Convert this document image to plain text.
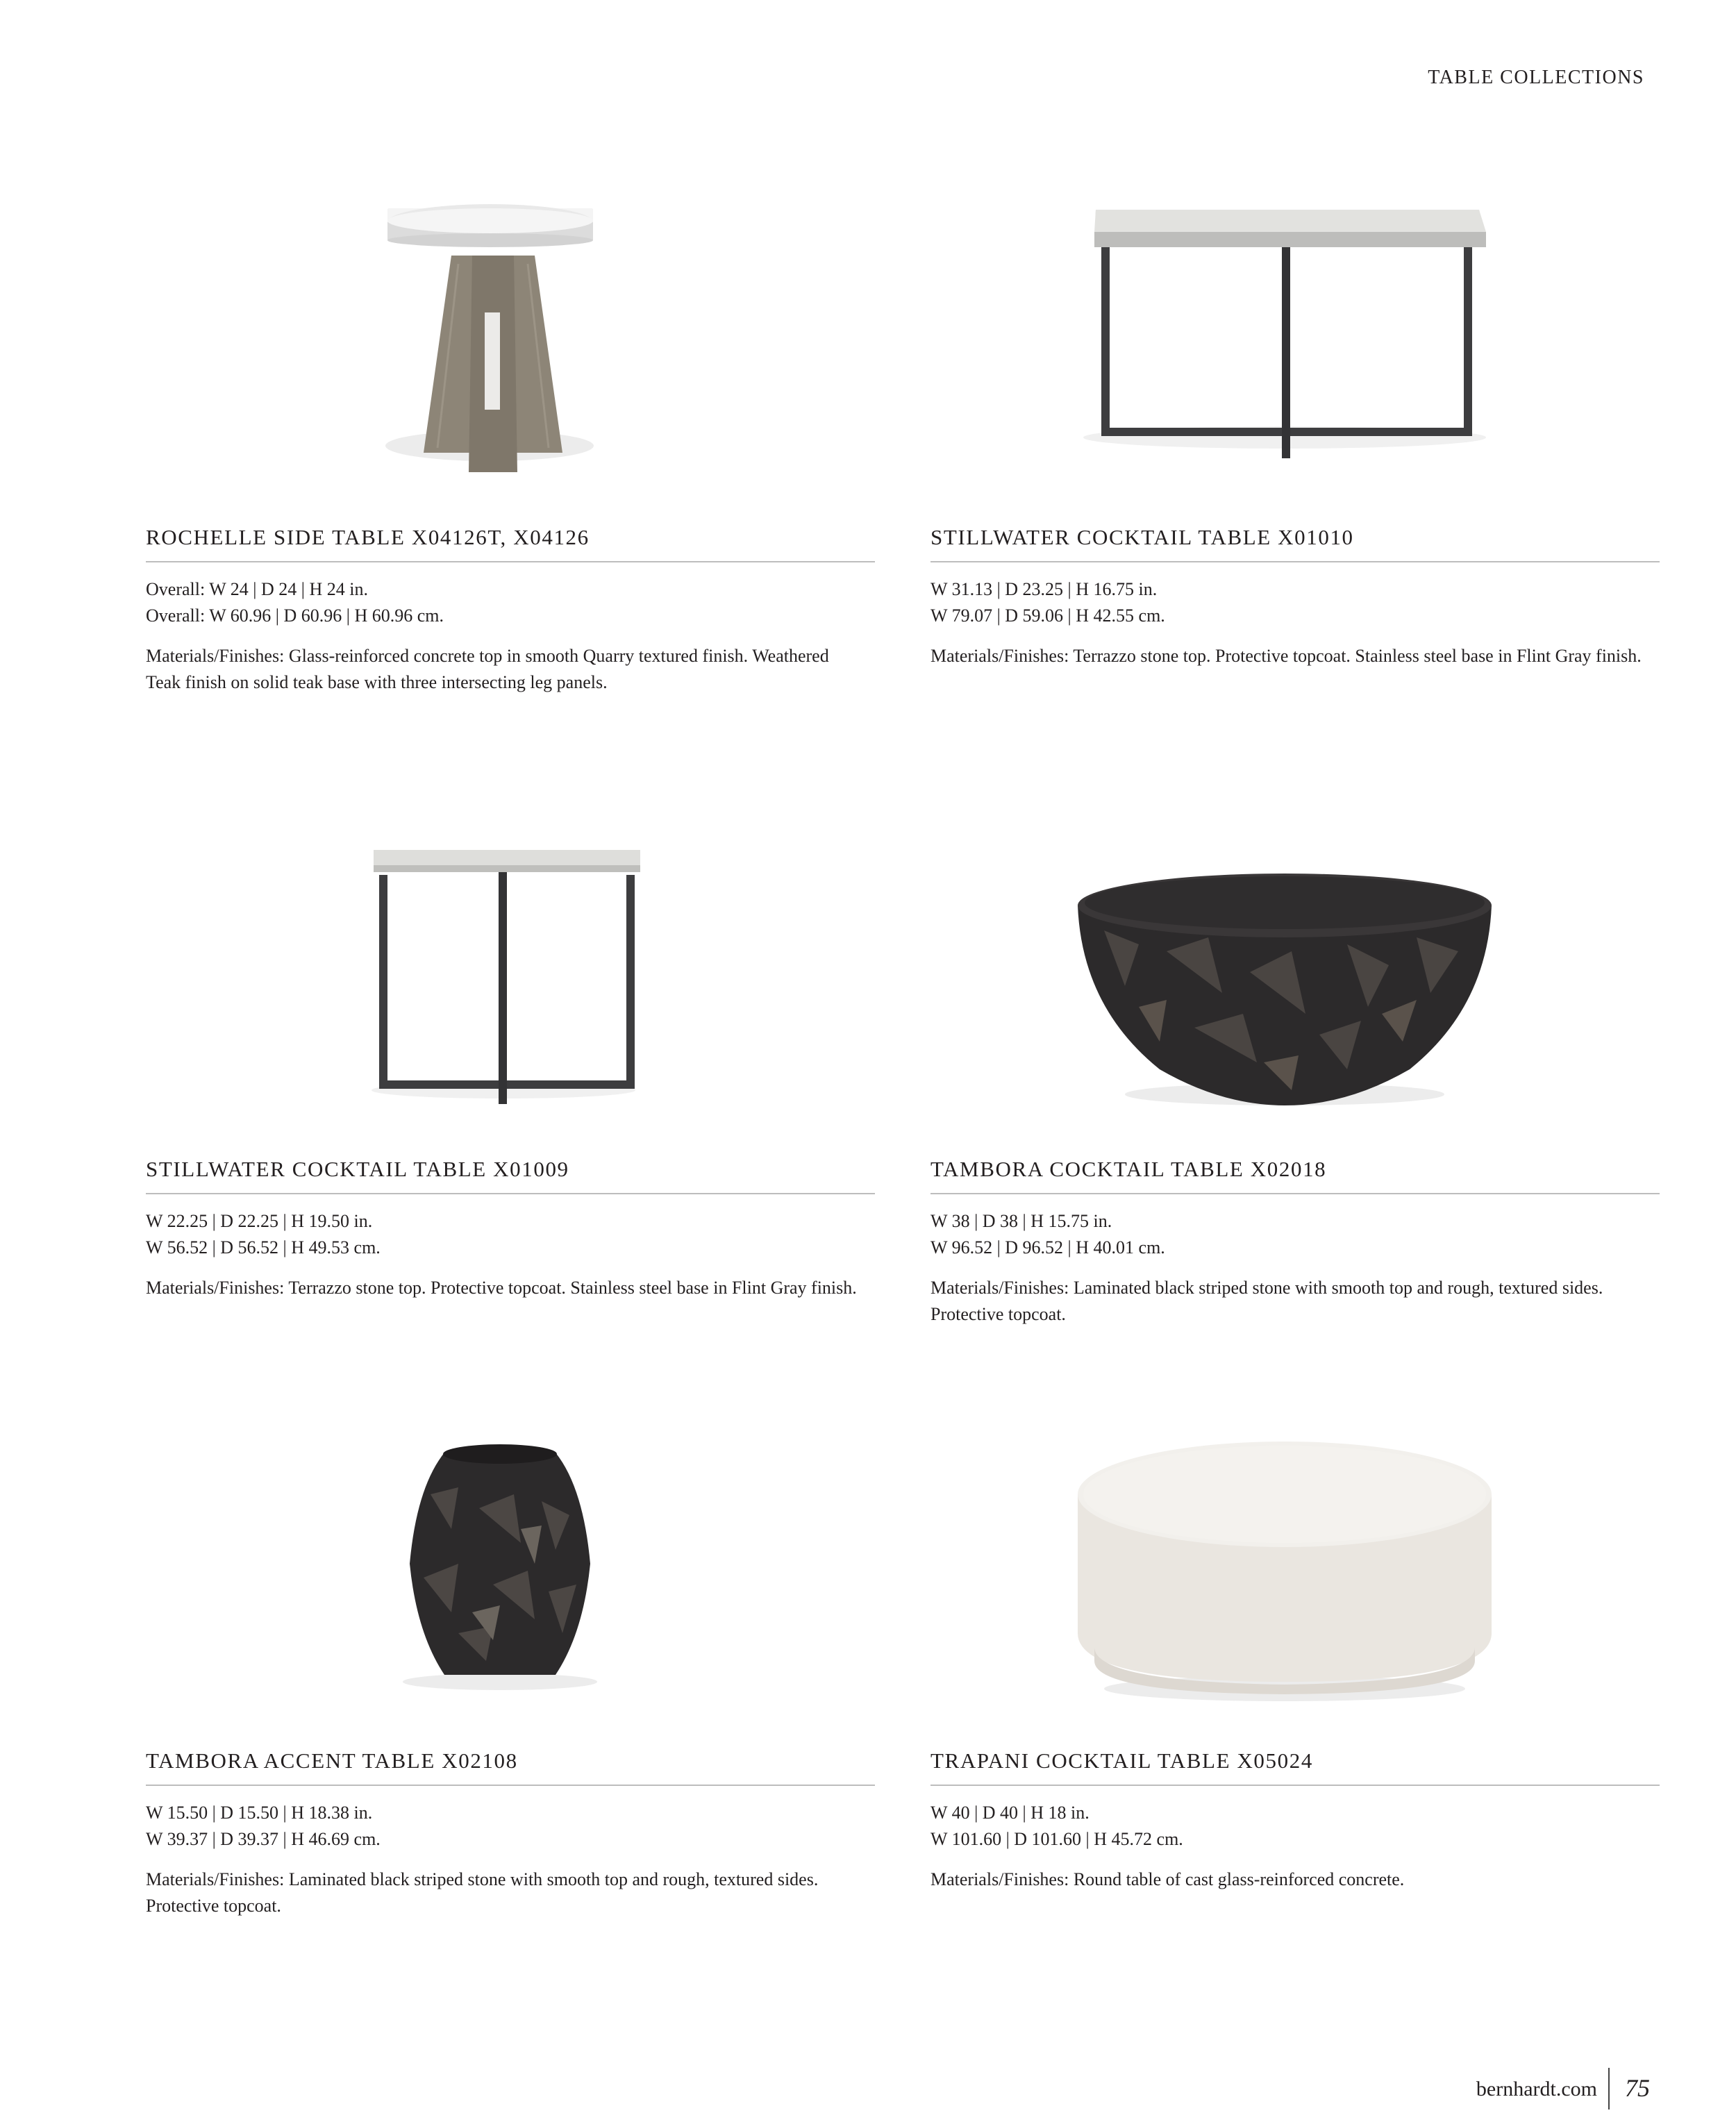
TABLE COLLECTIONS
ROCHELLE SIDE TABLE X04126T, X04126
Overall: W 24 | D 24 | H 24 in.
Overall: W 60.96 | D 60.96 | H 60.96 cm.
Materials/Finishes: Glass-reinforced concrete top in smooth Quarry textured finish. Weathered Teak finish on solid teak base with three intersecting leg panels.
STILLWATER COCKTAIL TABLE X01010
W 31.13 | D 23.25 | H 16.75 in.
W 79.07 | D 59.06 | H 42.55 cm.
Materials/Finishes: Terrazzo stone top. Protective topcoat. Stainless steel base in Flint Gray finish.
STILLWATER COCKTAIL TABLE X01009
W 22.25 | D 22.25 | H 19.50 in.
W 56.52 | D 56.52 | H 49.53 cm.
Materials/Finishes: Terrazzo stone top. Protective topcoat. Stainless steel base in Flint Gray finish.
TAMBORA COCKTAIL TABLE X02018
W 38 | D 38 | H 15.75 in.
W 96.52 | D 96.52 | H 40.01 cm.
Materials/Finishes: Laminated black striped stone with smooth top and rough, textured sides. Protective topcoat.
TAMBORA ACCENT TABLE X02108
W 15.50 | D 15.50 | H 18.38 in.
W 39.37 | D 39.37 | H 46.69 cm.
Materials/Finishes: Laminated black striped stone with smooth top and rough, textured sides. Protective topcoat.
TRAPANI COCKTAIL TABLE X05024
W 40 | D 40 | H 18 in.
W 101.60 | D 101.60 | H 45.72 cm.
Materials/Finishes: Round table of cast glass-reinforced concrete.
bernhardt.com 75
